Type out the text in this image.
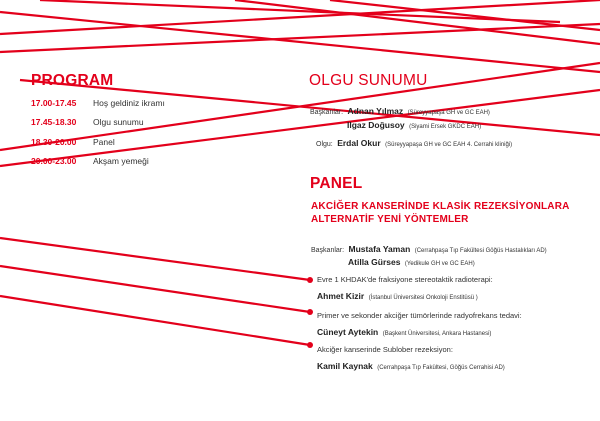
PROGRAM
17.00-17.45 Hoş geldiniz ikramı
17.45-18.30 Olgu sunumu
18.30-20.00 Panel
20.00-23.00 Akşam yemeği
OLGU SUNUMU
Başkanlar: Adnan Yılmaz (Süreyyapaşa GH ve GC EAH)
Ilgaz Doğusoy (Siyami Ersek GKDC EAH)
Olgu: Erdal Okur (Süreyyapaşa GH ve GC EAH 4. Cerrahi kliniği)
PANEL
AKCİĞER KANSERİNDE KLASİK REZEKSİYONLARA
ALTERNATİF YENİ YÖNTEMLER
Başkanlar: Mustafa Yaman (Cerrahpaşa Tıp Fakültesi Göğüs Hastalıkları AD)
Atilla Gürses (Yedikule GH ve GC EAH)
Evre 1 KHDAK'de fraksiyone stereotaktik radioterapi:
Ahmet Kizir (İstanbul Üniversitesi Onkoloji Enstitüsü )
Primer ve sekonder akciğer tümörlerinde radyofrekans tedavi:
Cüneyt Aytekin (Başkent Üniversitesi, Ankara Hastanesi)
Akciğer kanserinde Sublober rezeksiyon:
Kamil Kaynak (Cerrahpaşa Tıp Fakültesi, Göğüs Cerrahisi AD)
